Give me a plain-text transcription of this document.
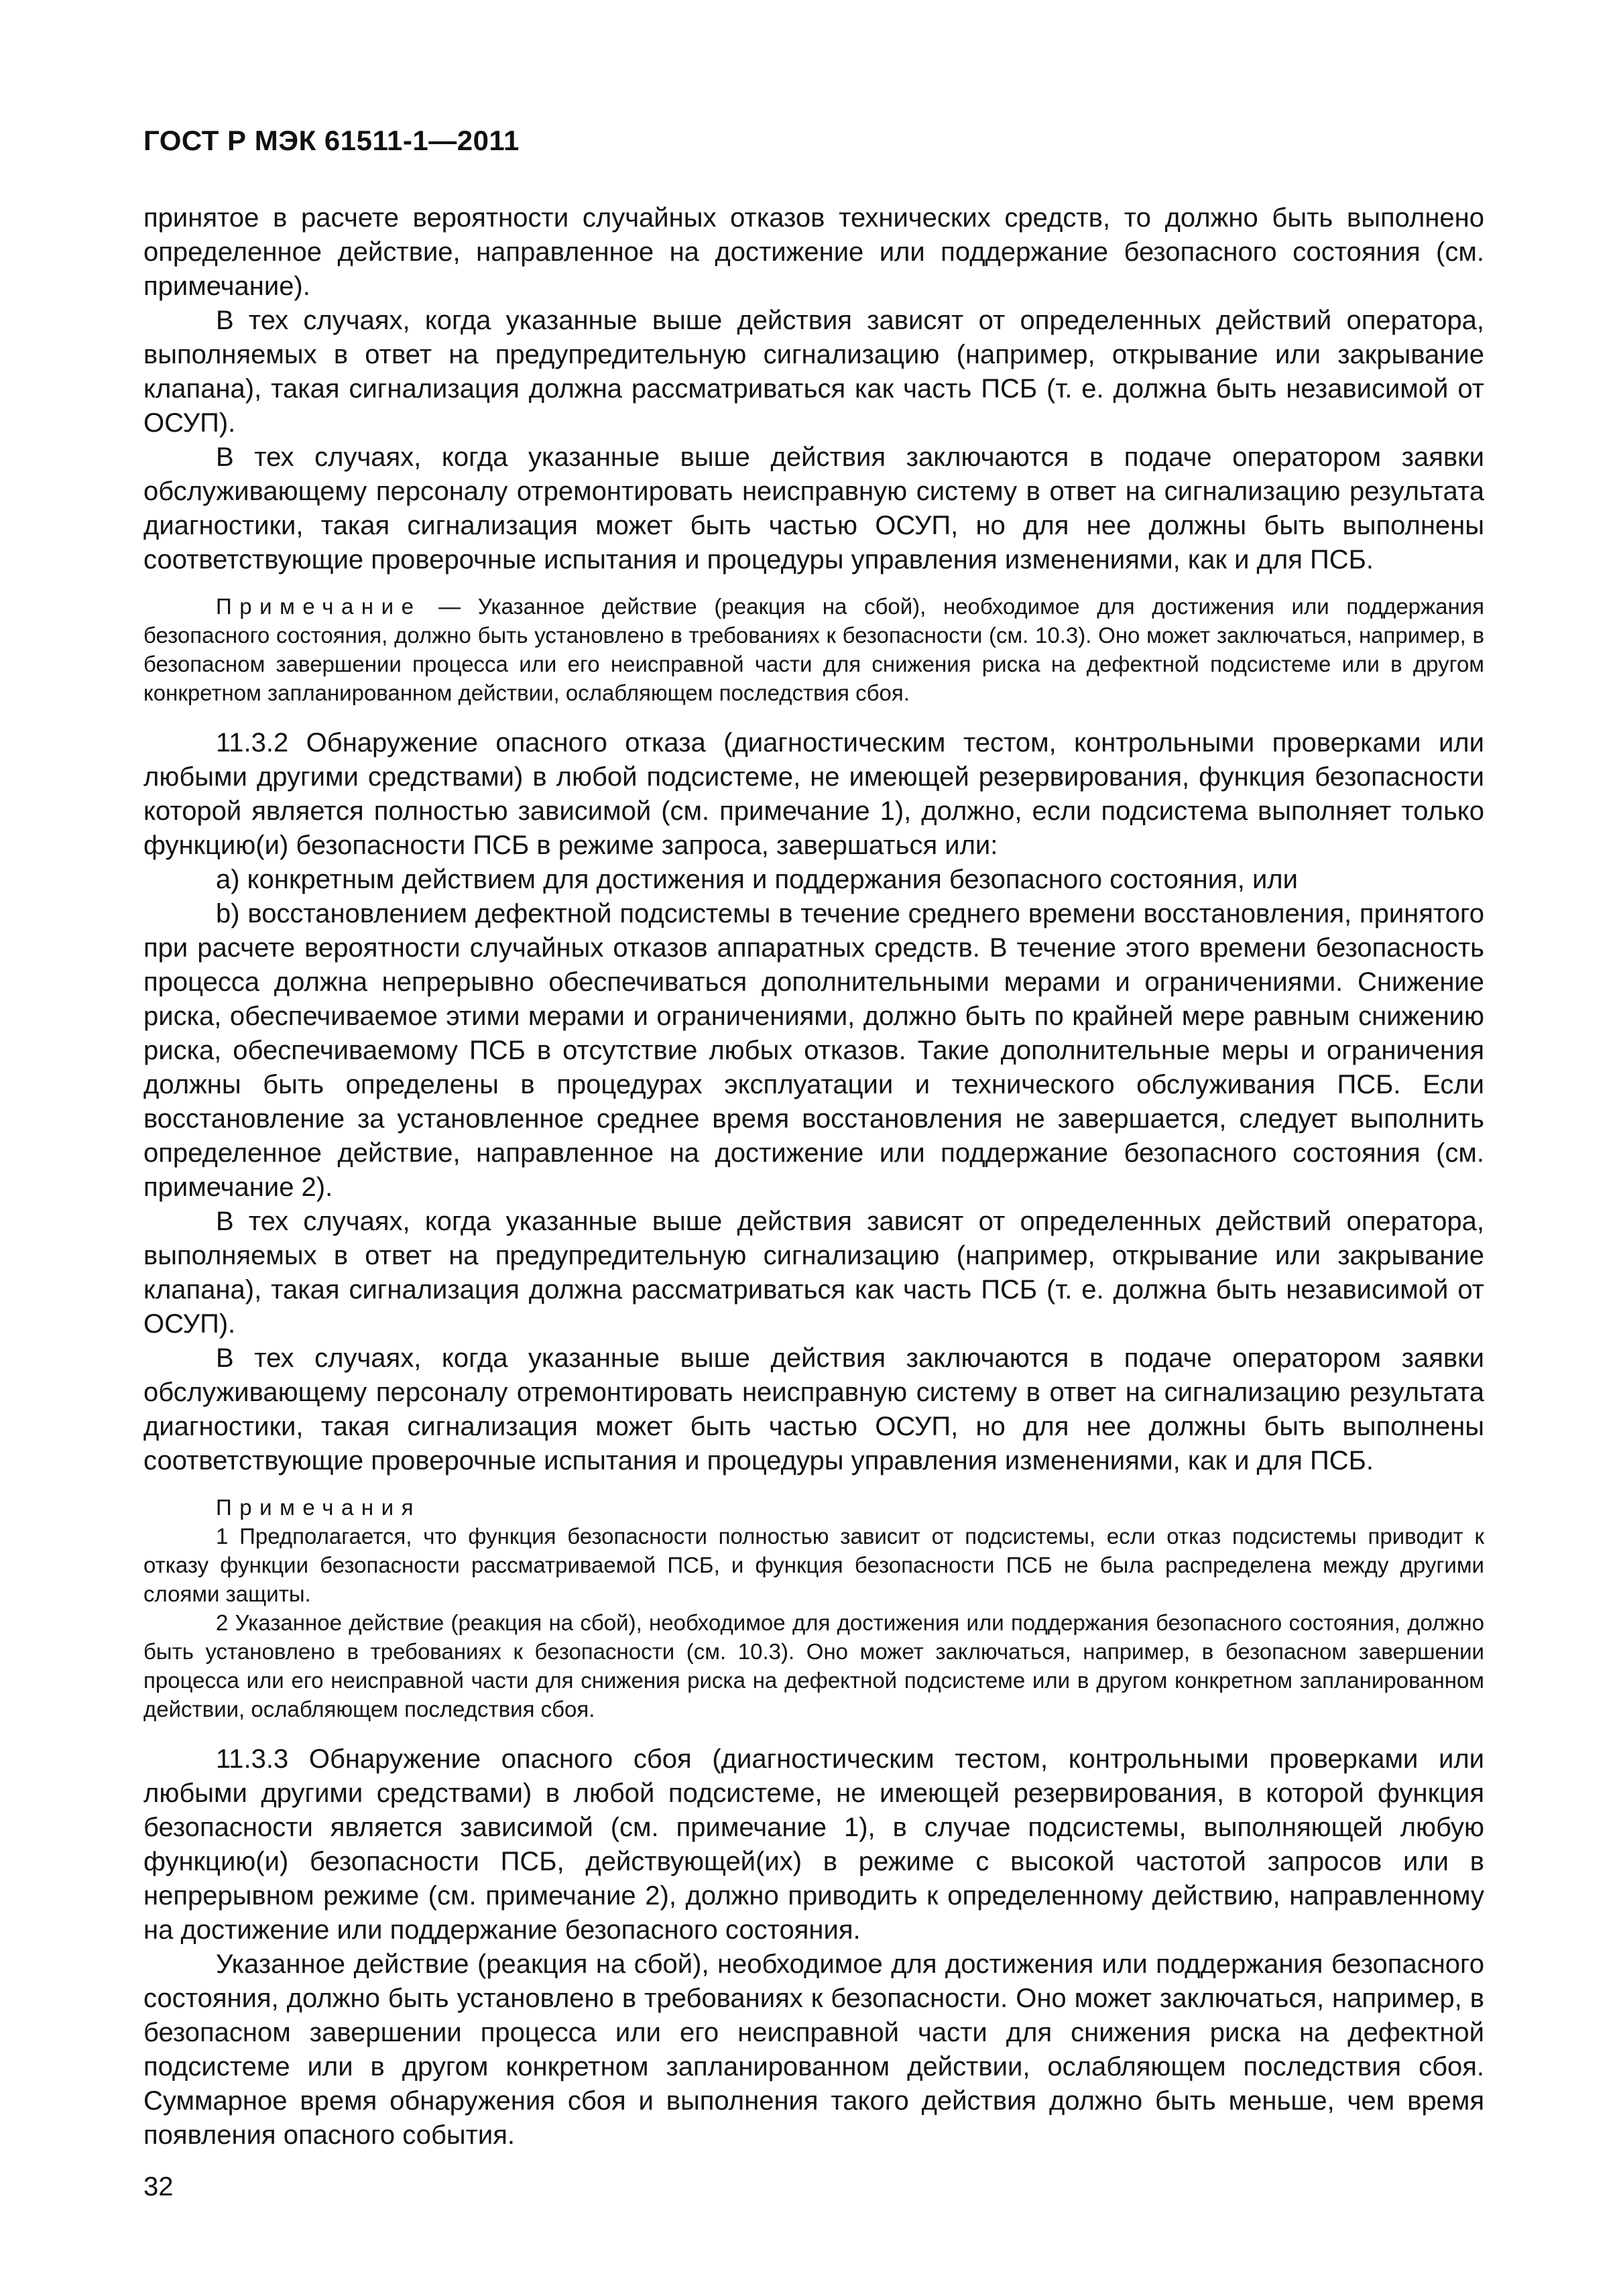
ГОСТ Р МЭК 61511-1—2011

принятое в расчете вероятности случайных отказов технических средств, то должно быть выполнено определенное действие, направленное на достижение или поддержание безопасного состояния (см. примечание).

В тех случаях, когда указанные выше действия зависят от определенных действий оператора, выполняемых в ответ на предупредительную сигнализацию (например, открывание или закрывание клапана), такая сигнализация должна рассматриваться как часть ПСБ (т. е. должна быть независимой от ОСУП).

В тех случаях, когда указанные выше действия заключаются в подаче оператором заявки обслуживающему персоналу отремонтировать неисправную систему в ответ на сигнализацию результата диагностики, такая сигнализация может быть частью ОСУП, но для нее должны быть выполнены соответствующие проверочные испытания и процедуры управления изменениями, как и для ПСБ.

Примечание — Указанное действие (реакция на сбой), необходимое для достижения или поддержания безопасного состояния, должно быть установлено в требованиях к безопасности (см. 10.3). Оно может заключаться, например, в безопасном завершении процесса или его неисправной части для снижения риска на дефектной подсистеме или в другом конкретном запланированном действии, ослабляющем последствия сбоя.

11.3.2 Обнаружение опасного отказа (диагностическим тестом, контрольными проверками или любыми другими средствами) в любой подсистеме, не имеющей резервирования, функция безопасности которой является полностью зависимой (см. примечание 1), должно, если подсистема выполняет только функцию(и) безопасности ПСБ в режиме запроса, завершаться или:

a) конкретным действием для достижения и поддержания безопасного состояния, или

b) восстановлением дефектной подсистемы в течение среднего времени восстановления, принятого при расчете вероятности случайных отказов аппаратных средств. В течение этого времени безопасность процесса должна непрерывно обеспечиваться дополнительными мерами и ограничениями. Снижение риска, обеспечиваемое этими мерами и ограничениями, должно быть по крайней мере равным снижению риска, обеспечиваемому ПСБ в отсутствие любых отказов. Такие дополнительные меры и ограничения должны быть определены в процедурах эксплуатации и технического обслуживания ПСБ. Если восстановление за установленное среднее время восстановления не завершается, следует выполнить определенное действие, направленное на достижение или поддержание безопасного состояния (см. примечание 2).

В тех случаях, когда указанные выше действия зависят от определенных действий оператора, выполняемых в ответ на предупредительную сигнализацию (например, открывание или закрывание клапана), такая сигнализация должна рассматриваться как часть ПСБ (т. е. должна быть независимой от ОСУП).

В тех случаях, когда указанные выше действия заключаются в подаче оператором заявки обслуживающему персоналу отремонтировать неисправную систему в ответ на сигнализацию результата диагностики, такая сигнализация может быть частью ОСУП, но для нее должны быть выполнены соответствующие проверочные испытания и процедуры управления изменениями, как и для ПСБ.

Примечания

1 Предполагается, что функция безопасности полностью зависит от подсистемы, если отказ подсистемы приводит к отказу функции безопасности рассматриваемой ПСБ, и функция безопасности ПСБ не была распределена между другими слоями защиты.

2 Указанное действие (реакция на сбой), необходимое для достижения или поддержания безопасного состояния, должно быть установлено в требованиях к безопасности (см. 10.3). Оно может заключаться, например, в безопасном завершении процесса или его неисправной части для снижения риска на дефектной подсистеме или в другом конкретном запланированном действии, ослабляющем последствия сбоя.

11.3.3 Обнаружение опасного сбоя (диагностическим тестом, контрольными проверками или любыми другими средствами) в любой подсистеме, не имеющей резервирования, в которой функция безопасности является зависимой (см. примечание 1), в случае подсистемы, выполняющей любую функцию(и) безопасности ПСБ, действующей(их) в режиме с высокой частотой запросов или в непрерывном режиме (см. примечание 2), должно приводить к определенному действию, направленному на достижение или поддержание безопасного состояния.

Указанное действие (реакция на сбой), необходимое для достижения или поддержания безопасного состояния, должно быть установлено в требованиях к безопасности. Оно может заключаться, например, в безопасном завершении процесса или его неисправной части для снижения риска на дефектной подсистеме или в другом конкретном запланированном действии, ослабляющем последствия сбоя. Суммарное время обнаружения сбоя и выполнения такого действия должно быть меньше, чем время появления опасного события.

32
